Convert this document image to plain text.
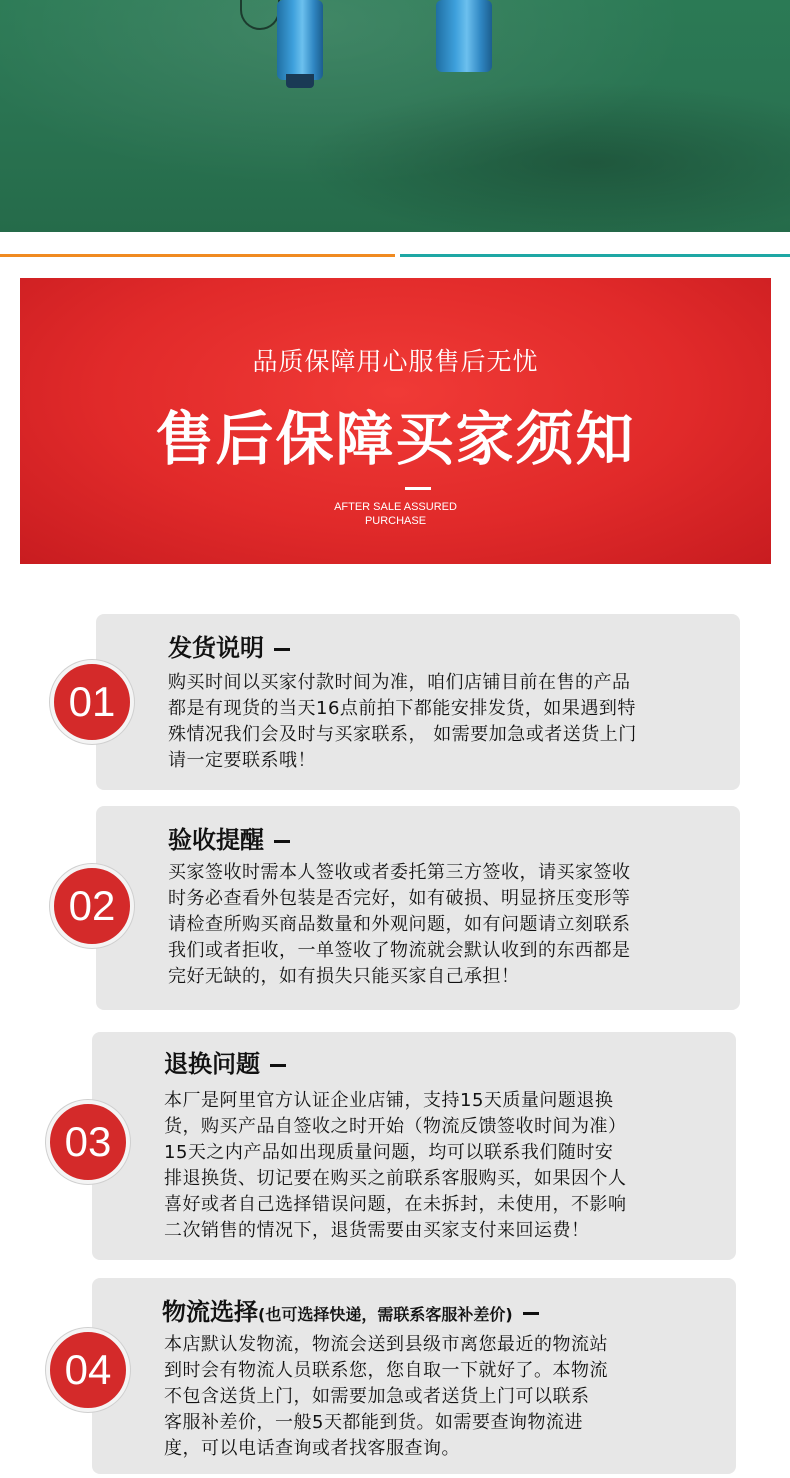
品质保障用心服售后无忧
售后保障买家须知
AFTER SALE ASSURED
PURCHASE
发货说明
购买时间以买家付款时间为准，咱们店铺目前在售的产品
都是有现货的当天16点前拍下都能安排发货，如果遇到特
殊情况我们会及时与买家联系， 如需要加急或者送货上门
请一定要联系哦！
01
验收提醒
买家签收时需本人签收或者委托第三方签收，请买家签收
时务必查看外包装是否完好，如有破损、明显挤压变形等
请检查所购买商品数量和外观问题，如有问题请立刻联系
我们或者拒收，一单签收了物流就会默认收到的东西都是
完好无缺的，如有损失只能买家自己承担！
02
退换问题
本厂是阿里官方认证企业店铺，支持15天质量问题退换
货，购买产品自签收之时开始（物流反馈签收时间为准）
15天之内产品如出现质量问题，均可以联系我们随时安
排退换货、切记要在购买之前联系客服购买，如果因个人
喜好或者自己选择错误问题，在未拆封，未使用，不影响
二次销售的情况下，退货需要由买家支付来回运费！
03
物流选择(也可选择快递，需联系客服补差价)
本店默认发物流，物流会送到县级市离您最近的物流站
到时会有物流人员联系您，您自取一下就好了。本物流
不包含送货上门，如需要加急或者送货上门可以联系
客服补差价，一般5天都能到货。如需要查询物流进
度，可以电话查询或者找客服查询。
04
